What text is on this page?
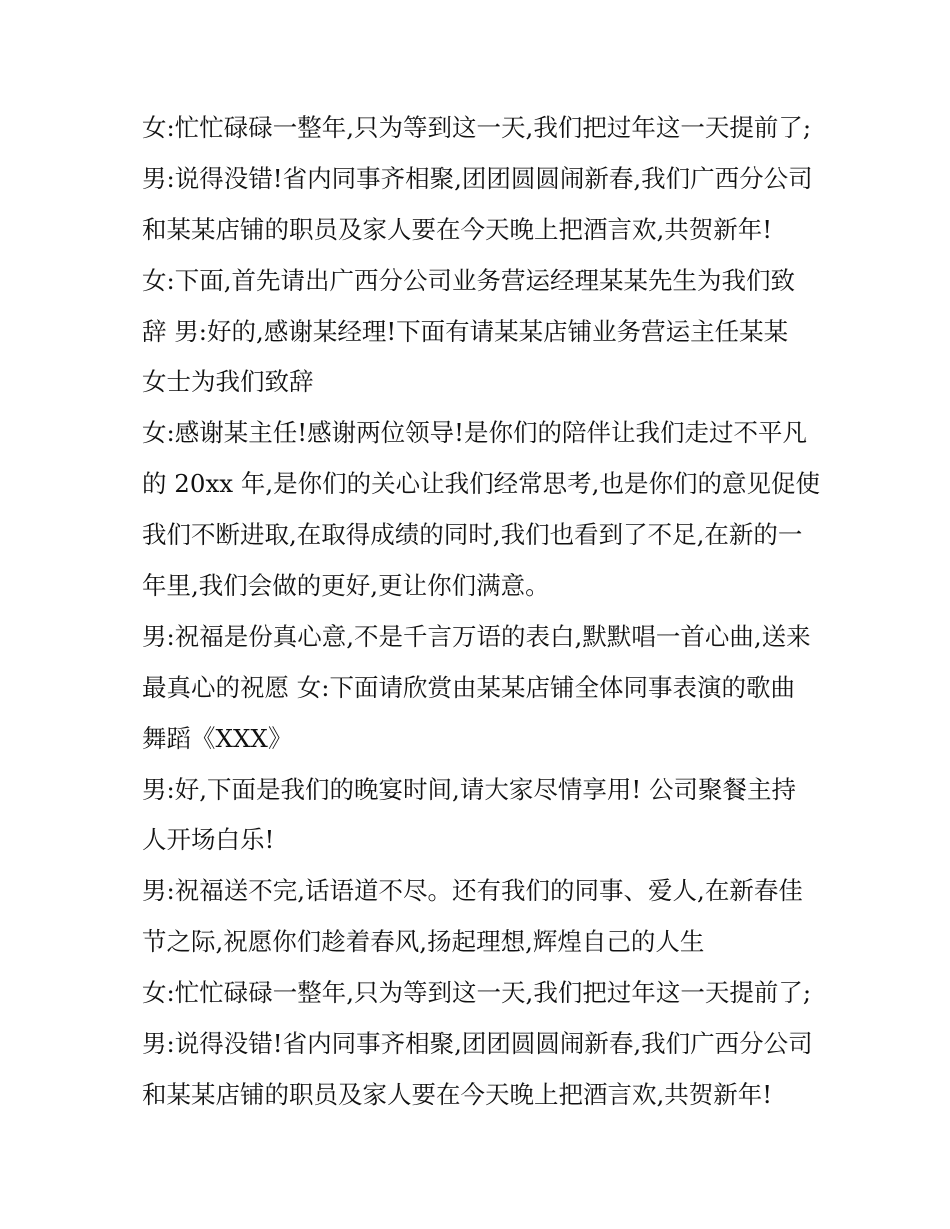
女:忙忙碌碌一整年,只为等到这一天,我们把过年这一天提前了;
男:说得没错!省内同事齐相聚,团团圆圆闹新春,我们广西分公司
和某某店铺的职员及家人要在今天晚上把酒言欢,共贺新年!
女:下面,首先请出广西分公司业务营运经理某某先生为我们致
辞 男:好的,感谢某经理!下面有请某某店铺业务营运主任某某
女士为我们致辞
女:感谢某主任!感谢两位领导!是你们的陪伴让我们走过不平凡
的 20xx 年,是你们的关心让我们经常思考,也是你们的意见促使
我们不断进取,在取得成绩的同时,我们也看到了不足,在新的一
年里,我们会做的更好,更让你们满意。
男:祝福是份真心意,不是千言万语的表白,默默唱一首心曲,送来
最真心的祝愿 女:下面请欣赏由某某店铺全体同事表演的歌曲
舞蹈《XXX》
男:好,下面是我们的晚宴时间,请大家尽情享用! 公司聚餐主持
人开场白乐!
男:祝福送不完,话语道不尽。还有我们的同事、爱人,在新春佳
节之际,祝愿你们趁着春风,扬起理想,辉煌自己的人生
女:忙忙碌碌一整年,只为等到这一天,我们把过年这一天提前了;
男:说得没错!省内同事齐相聚,团团圆圆闹新春,我们广西分公司
和某某店铺的职员及家人要在今天晚上把酒言欢,共贺新年!
